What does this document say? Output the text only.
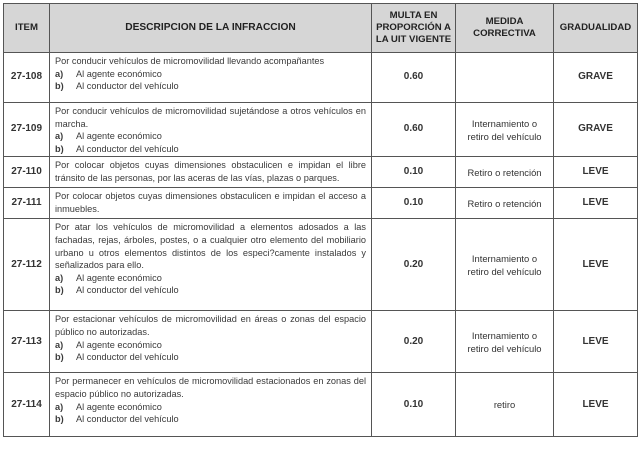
ITEM	DESCRIPCION DE LA INFRACCION	MULTA EN PROPORCIÓN A LA UIT VIGENTE	MEDIDA CORRECTIVA	GRADUALIDAD
27-108	Por conducir vehículos de micromovilidad llevando acompañantes

a) Al agente económico
b) Al conductor del vehículo	0.60		GRAVE
27-109	Por conducir vehículos de micromovilidad sujetándose a otros vehículos en marcha.

a) Al agente económico
b) Al conductor del vehículo	0.60	Internamiento o retiro del vehículo	GRAVE
27-110	Por colocar objetos cuyas dimensiones obstaculicen e impidan el libre tránsito de las personas, por las aceras de las vías, plazas o parques.	0.10	Retiro o retención	LEVE
27-111	Por colocar objetos cuyas dimensiones obstaculicen e impidan el acceso a inmuebles.	0.10	Retiro o retención	LEVE
27-112	Por atar los vehículos de micromovilidad a elementos adosados a las fachadas, rejas, árboles, postes, o a cualquier otro elemento del mobiliario urbano u otros elementos distintos de los especi?camente instalados y señalizados para ello.

a) Al agente económico
b) Al conductor del vehículo	0.20	Internamiento o retiro del vehículo	LEVE
27-113	Por estacionar vehículos de micromovilidad en áreas o zonas del espacio público no autorizadas.

a) Al agente económico
b) Al conductor del vehículo	0.20	Internamiento o retiro del vehículo	LEVE
27-114	Por permanecer en vehículos de micromovilidad estacionados en zonas del espacio público no autorizadas.

a) Al agente económico
b) Al conductor del vehículo	0.10	retiro	LEVE
